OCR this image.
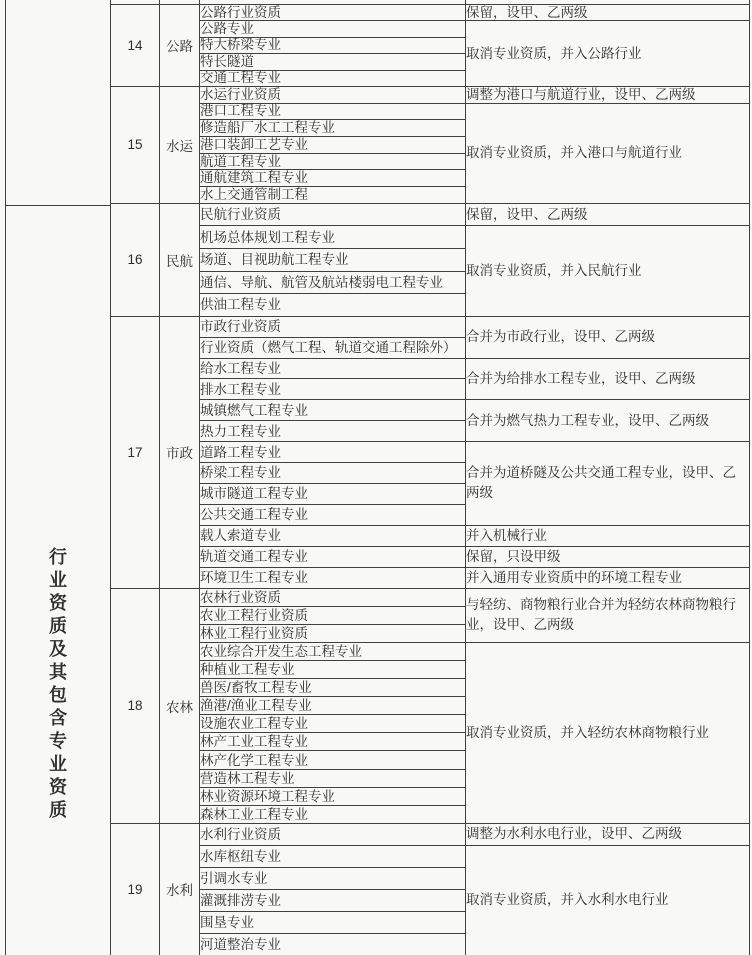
行
业
资
质
及
其
包
含
专
业
资
质

14	公路	公路行业资质	保留，设甲、乙两级
		公路专业	取消专业资质，并入公路行业
		特大桥梁专业	
		特长隧道	
		交通工程专业	
15	水运	水运行业资质	调整为港口与航道行业，设甲、乙两级
		港口工程专业	取消专业资质，并入港口与航道行业
		修造船厂水工工程专业	
		港口装卸工艺专业	
		航道工程专业	
		通航建筑工程专业	
		水上交通管制工程	
16	民航	民航行业资质	保留，设甲、乙两级
		机场总体规划工程专业	取消专业资质，并入民航行业
		场道、目视助航工程专业	
		通信、导航、航管及航站楼弱电工程专业	
		供油工程专业	
17	市政	市政行业资质	合并为市政行业，设甲、乙两级
		行业资质（燃气工程、轨道交通工程除外）	
		给水工程专业	合并为给排水工程专业，设甲、乙两级
		排水工程专业	
		城镇燃气工程专业	合并为燃气热力工程专业，设甲、乙两级
		热力工程专业	
		道路工程专业	合并为道桥隧及公共交通工程专业，设甲、乙两级
		桥梁工程专业	
		城市隧道工程专业	
		公共交通工程专业	
		载人索道专业	并入机械行业
		轨道交通工程专业	保留，只设甲级
		环境卫生工程专业	并入通用专业资质中的环境工程专业
18	农林	农林行业资质	与轻纺、商物粮行业合并为轻纺农林商物粮行业，设甲、乙两级
		农业工程行业资质	
		林业工程行业资质	
		农业综合开发生态工程专业	取消专业资质，并入轻纺农林商物粮行业
		种植业工程专业	
		兽医/畜牧工程专业	
		渔港/渔业工程专业	
		设施农业工程专业	
		林产工业工程专业	
		林产化学工程专业	
		营造林工程专业	
		林业资源环境工程专业	
		森林工业工程专业	
19	水利	水利行业资质	调整为水利水电行业，设甲、乙两级
		水库枢纽专业	取消专业资质，并入水利水电行业
		引调水专业	
		灌溉排涝专业	
		围垦专业	
		河道整治专业	
